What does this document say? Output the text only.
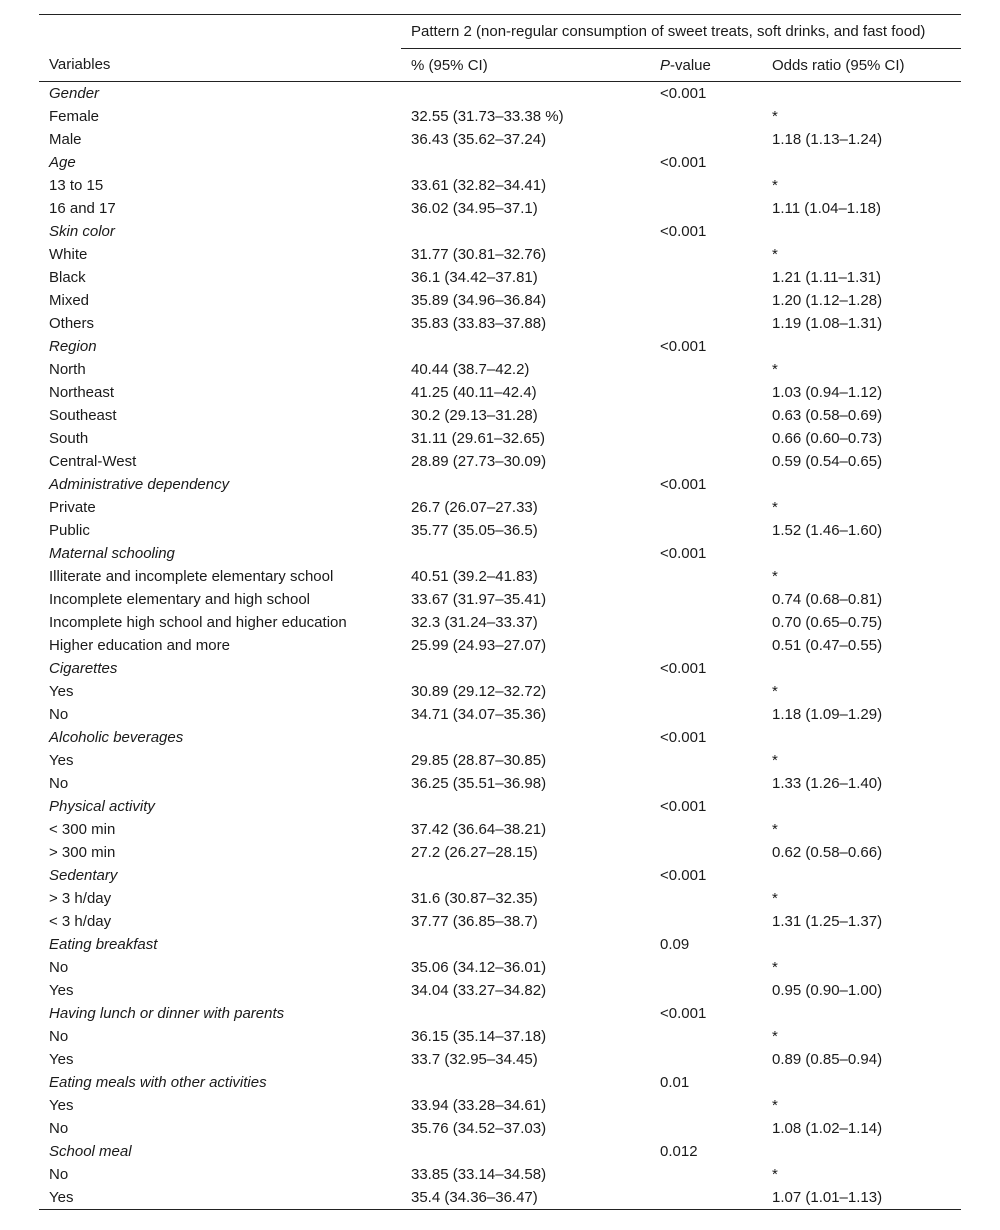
	Pattern 2 (non-regular consumption of sweet treats, soft drinks, and fast food)		
Variables	% (95% CI)	P-value	Odds ratio (95% CI)
Gender		<0.001	
Female	32.55 (31.73–33.38 %)		*
Male	36.43 (35.62–37.24)		1.18 (1.13–1.24)
Age		<0.001	
13 to 15	33.61 (32.82–34.41)		*
16 and 17	36.02 (34.95–37.1)		1.11 (1.04–1.18)
Skin color		<0.001	
White	31.77 (30.81–32.76)		*
Black	36.1 (34.42–37.81)		1.21 (1.11–1.31)
Mixed	35.89 (34.96–36.84)		1.20 (1.12–1.28)
Others	35.83 (33.83–37.88)		1.19 (1.08–1.31)
Region		<0.001	
North	40.44 (38.7–42.2)		*
Northeast	41.25 (40.11–42.4)		1.03 (0.94–1.12)
Southeast	30.2 (29.13–31.28)		0.63 (0.58–0.69)
South	31.11 (29.61–32.65)		0.66 (0.60–0.73)
Central-West	28.89 (27.73–30.09)		0.59 (0.54–0.65)
Administrative dependency		<0.001	
Private	26.7 (26.07–27.33)		*
Public	35.77 (35.05–36.5)		1.52 (1.46–1.60)
Maternal schooling		<0.001	
Illiterate and incomplete elementary school	40.51 (39.2–41.83)		*
Incomplete elementary and high school	33.67 (31.97–35.41)		0.74 (0.68–0.81)
Incomplete high school and higher education	32.3 (31.24–33.37)		0.70 (0.65–0.75)
Higher education and more	25.99 (24.93–27.07)		0.51 (0.47–0.55)
Cigarettes		<0.001	
Yes	30.89 (29.12–32.72)		*
No	34.71 (34.07–35.36)		1.18 (1.09–1.29)
Alcoholic beverages		<0.001	
Yes	29.85 (28.87–30.85)		*
No	36.25 (35.51–36.98)		1.33 (1.26–1.40)
Physical activity		<0.001	
< 300 min	37.42 (36.64–38.21)		*
> 300 min	27.2 (26.27–28.15)		0.62 (0.58–0.66)
Sedentary		<0.001	
> 3 h/day	31.6 (30.87–32.35)		*
< 3 h/day	37.77 (36.85–38.7)		1.31 (1.25–1.37)
Eating breakfast		0.09	
No	35.06 (34.12–36.01)		*
Yes	34.04 (33.27–34.82)		0.95 (0.90–1.00)
Having lunch or dinner with parents		<0.001	
No	36.15 (35.14–37.18)		*
Yes	33.7 (32.95–34.45)		0.89 (0.85–0.94)
Eating meals with other activities		0.01	
Yes	33.94 (33.28–34.61)		*
No	35.76 (34.52–37.03)		1.08 (1.02–1.14)
School meal		0.012	
No	33.85 (33.14–34.58)		*
Yes	35.4 (34.36–36.47)		1.07 (1.01–1.13)
